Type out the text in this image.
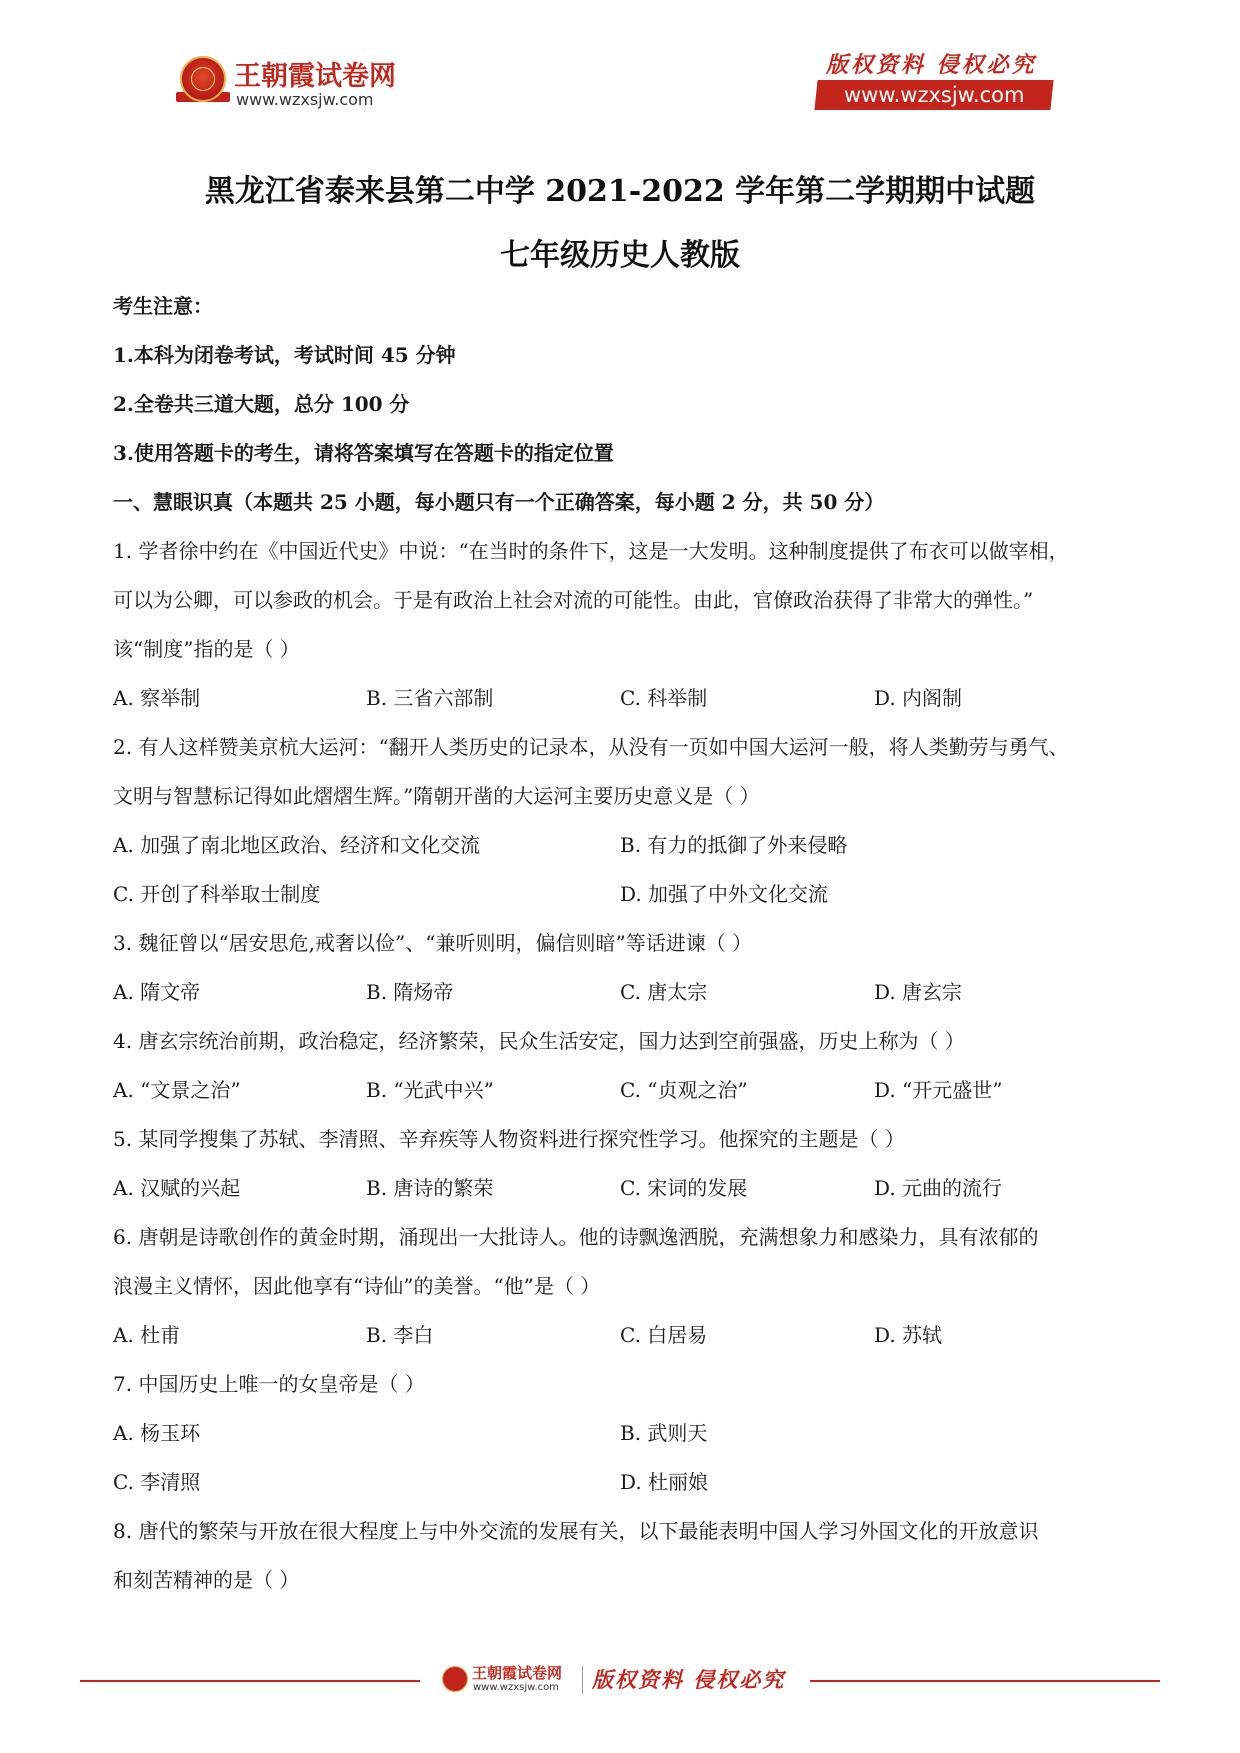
王朝霞试卷网
www.wzxsjw.com
版权资料 侵权必究
www.wzxsjw.com
黑龙江省泰来县第二中学 2021-2022 学年第二学期期中试题
七年级历史人教版
考生注意：
1.本科为闭卷考试，考试时间 45 分钟
2.全卷共三道大题，总分 100 分
3.使用答题卡的考生，请将答案填写在答题卡的指定位置
一、慧眼识真（本题共 25 小题，每小题只有一个正确答案，每小题 2 分，共 50 分）
1. 学者徐中约在《中国近代史》中说：“在当时的条件下，这是一大发明。这种制度提供了布衣可以做宰相，
可以为公卿，可以参政的机会。于是有政治上社会对流的可能性。由此，官僚政治获得了非常大的弹性。”
该“制度”指的是（ ）
A. 察举制	B. 三省六部制	C. 科举制	D. 内阁制
2. 有人这样赞美京杭大运河：“翻开人类历史的记录本，从没有一页如中国大运河一般，将人类勤劳与勇气、
文明与智慧标记得如此熠熠生辉。”隋朝开凿的大运河主要历史意义是（ ）
A. 加强了南北地区政治、经济和文化交流	B. 有力的抵御了外来侵略
C. 开创了科举取士制度	D. 加强了中外文化交流
3. 魏征曾以“居安思危,戒奢以俭”、“兼听则明，偏信则暗”等话进谏（ ）
A. 隋文帝	B. 隋炀帝	C. 唐太宗	D. 唐玄宗
4. 唐玄宗统治前期，政治稳定，经济繁荣，民众生活安定，国力达到空前强盛，历史上称为（ ）
A. “文景之治”	B. “光武中兴”	C. “贞观之治”	D. “开元盛世”
5. 某同学搜集了苏轼、李清照、辛弃疾等人物资料进行探究性学习。他探究的主题是（ ）
A. 汉赋的兴起	B. 唐诗的繁荣	C. 宋词的发展	D. 元曲的流行
6. 唐朝是诗歌创作的黄金时期，涌现出一大批诗人。他的诗飘逸洒脱，充满想象力和感染力，具有浓郁的
浪漫主义情怀，因此他享有“诗仙”的美誉。“他”是（ ）
A. 杜甫	B. 李白	C. 白居易	D. 苏轼
7. 中国历史上唯一的女皇帝是（ ）
A. 杨玉环	B. 武则天
C. 李清照	D. 杜丽娘
8. 唐代的繁荣与开放在很大程度上与中外交流的发展有关，以下最能表明中国人学习外国文化的开放意识
和刻苦精神的是（ ）
王朝霞试卷网
www.wzxsjw.com 版权资料 侵权必究
